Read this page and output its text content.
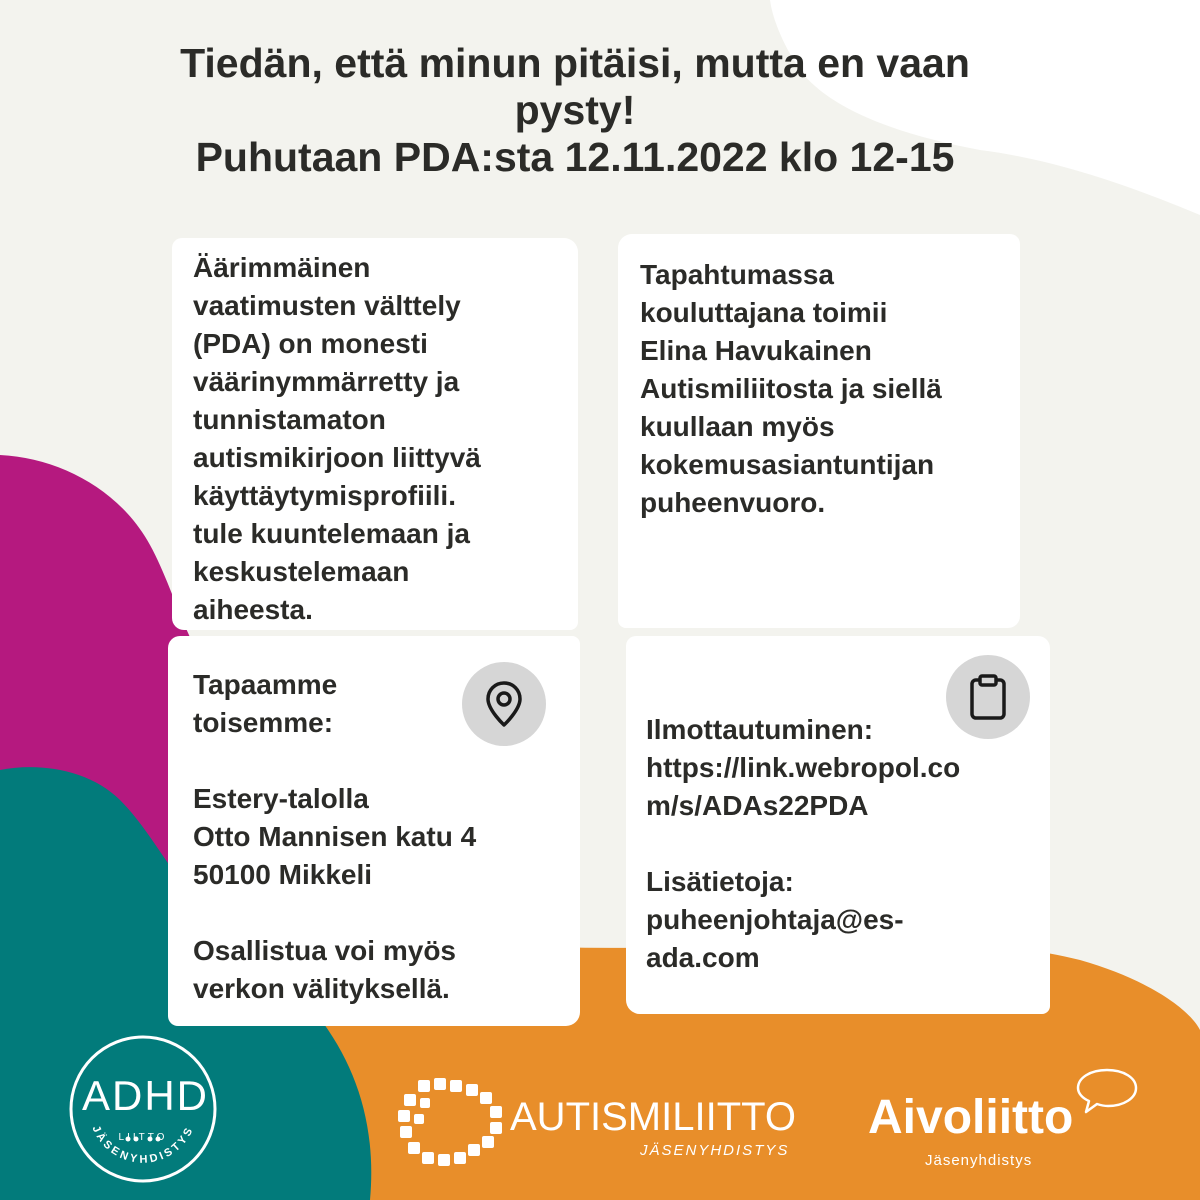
Tiedän, että minun pitäisi, mutta en vaan
pysty!
Puhutaan PDA:sta 12.11.2022 klo 12-15
Äärimmäinen
vaatimusten välttely
(PDA) on monesti
väärinymmärretty ja
tunnistamaton
autismikirjoon liittyvä
käyttäytymisprofiili.
tule kuuntelemaan ja
keskustelemaan
aiheesta.
Tapahtumassa
kouluttajana toimii
Elina Havukainen
Autismiliitosta ja siellä
kuullaan myös
kokemusasiantuntijan
puheenvuoro.
Tapaamme
toisemme:

Estery-talolla
Otto Mannisen katu 4
50100 Mikkeli

Osallistua voi myös
verkon välityksellä.
Ilmottautuminen:
https://link.webropol.co
m/s/ADAs22PDA

Lisätietoja:
puheenjohtaja@es-
ada.com
JÄSENYHDISTYS
ADHD
LIITTO	AUTISMILIITTO
JÄSENYHDISTYS
Aivoliitto
Jäsenyhdistys
